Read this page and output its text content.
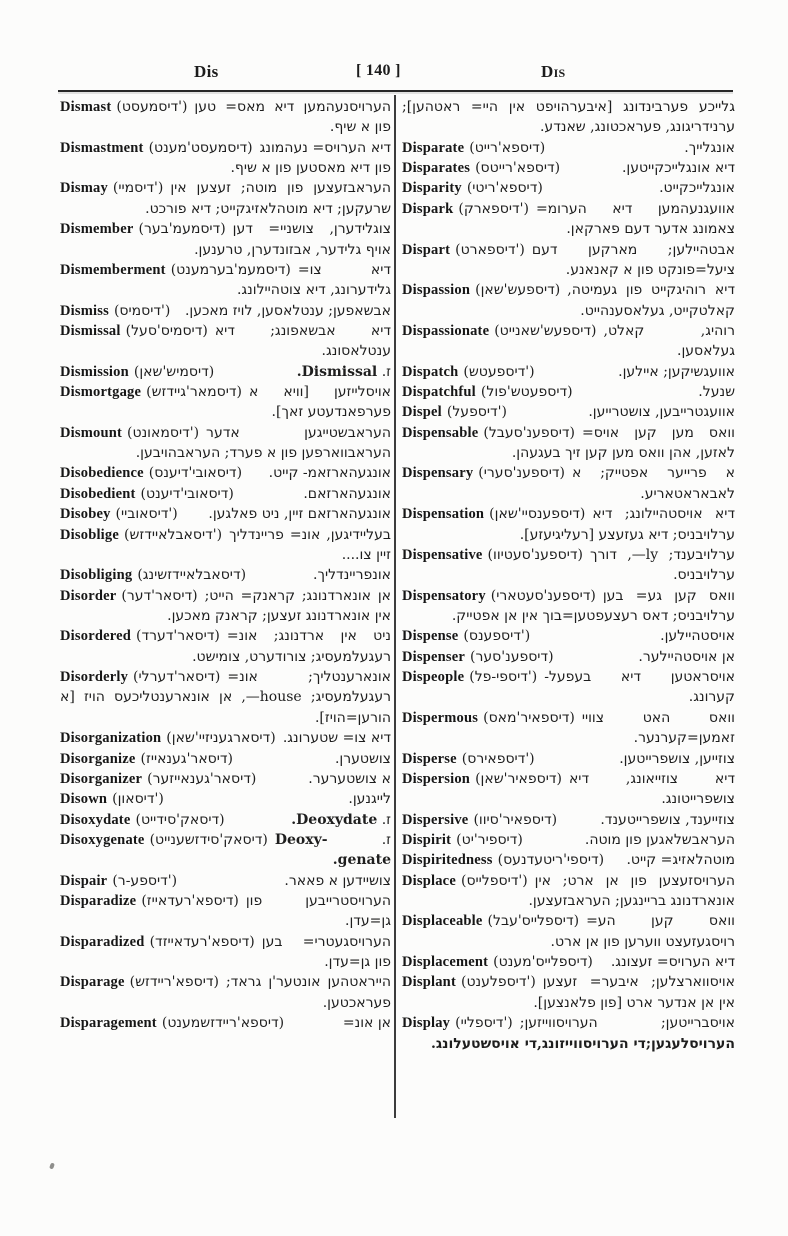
Dis	[ 140 ]	Dis
Dismast (דיסמעסט') הערויסנעהמען דיא מאס= טען פון א שיף.
Dismastment (דיסמעסט'מענט) דיא הערויס= נעהמונג פון דיא מאסטען פון א שיף.
Dismay (דיסמיי') העראבזעצען פון מוטה; זעצען אין שרעקען; דיא מוטהלאזיגקייט; דיא פורכט.
Dismember (דיסמעמ'בער) צוגלידערן, צושניי= דען אויף גלידער, אבזונדערן, טרענען.
Dismemberment (דיסמעמ'בערמענט) דיא צו= גלידערונג, דיא צוטהיילונג.
Dismiss (דיסמיס') אבשאפען; ענטלאסען, לויז מאכען.
Dismissal (דיסמיס'סעל) דיא אבשאפונג; דיא ענטלאסונג.
Dismission (דיסמיש'שאן)	ז. Dismissal.
Dismortgage (דיסמאר'גיידזש) אויסלייזען [וויא א פערפאנדעטע זאך].
Dismount (דיסמאונט') העראבשטייגען אדער העראבווארפען פון א פערד; העראבהויבען.
Disobedience (דיסאובי'דיענס) אונגעהארזאמ- קייט.
Disobedient (דיסאובי'דיענט)	אונגעהארזאם.
Disobey (דיסאוביי') אונגעהארזאם זיין, ניט פאלגען.
Disoblige (דיסאבלאיידזש') בעליידיגען, אונ= פריינדליך זיין צו....
Disobliging (דיסאבלאיידזשינג)	אונפריינדליך.
Disorder (דיסאר'דער) אן אונארדנונג; קראנק= הייט; אין אונארדנונג זעצען; קראנק מאכען.
Disordered (דיסאר'דערד) ניט אין ארדנונג; אונ= רעגעלמעסיג; צורודערט, צומישט.
Disorderly (דיסאר'דערלי) אונארענטליך; אונ= רעגעלמעסיג; house—, אן אונארענטליכעס הויז [א הורען=הויז].
Disorganization (דיסארגעניזיי'שאן) דיא צו= שטערונג.
Disorganize (דיסאר'גענאייז)	צושטערן.
Disorganizer (דיסאר'גענאייזער)	א צושטערער.
Disown (דיסאון')	לייגנען.
Disoxydate (דיסאק'סידייט)	ז. Deoxydate.
Disoxygenate (דיסאק'סידזשענייט)	ז. Deoxy-genate.
Dispair (דיספע-ר')	צושיידען א פאאר.
Disparadize (דיספא'רעדאייז) הערויסטרייבען פון גן=עדן.
Disparadized (דיספא'רעדאייזד) הערויסגעטרי= בען פון גן=עדן.
Disparage (דיספא'ריידזש) הייראטהען אונטער'ן גראד; פעראכטען.
Disparagement (דיספא'ריידזשמענט)	אן אונ=
גלייכע פערבינדונג [איבערהויפט אין היי= ראטהען]; ערנידריגונג, פעראכטונג, שאנדע.
Disparate (דיספא'רייט)	אונגלייך.
Disparates (דיספא'רייטס)	דיא אונגלייכקייטען.
Disparity (דיספא'ריטי)	אונגלייכקייט.
Dispark (דיספארק') אוועגנעהמען דיא הערומ= צאמונג אדער דעם פארקאן.
Dispart (דיספארט') אבטהיילען; מארקען דעם ציעל=פונקט פון א קאנאנע.
Dispassion (דיספעש'שאן) דיא רוהיגקייט פון געמיטה, קאלטקייט, געלאסענהייט.
Dispassionate (דיספעש'שאנייט) רוהיג, קאלט, געלאסען.
Dispatch (דיספעטש')	אוועגשיקען; איילען.
Dispatchful (דיספעטש'פול)	שנעל.
Dispel (דיספעל')	אוועגטרייבען, צושטרייען.
Dispensable (דיספענ'סעבל) וואס מען קען אויס= לאזען, אהן וואס מען קען זיך בעגעהן.
Dispensary (דיספענ'סערי) א פרייער אפטייק; א לאבאראטאריע.
Dispensation (דיספענסיי'שאן) דיא אויסטהיילונג; דיא ערלויבניס; דיא געזעצע [רעליגיעזע].
Dispensative (דיספענ'סעטיוו) ערלויבענד; ly—, דורך ערלויבניס.
Dispensatory (דיספענ'סעטארי) וואס קען גע= בען ערלויבניס; דאס רעצעפטען=בוך אין אן אפטייק.
Dispense (דיספענס')	אויסטהיילען.
Dispenser (דיספענ'סער)	אן אויסטהיילער.
Dispeople (דיספי-פל') אויסראטען דיא בעפעל- קערונג.
Dispermous (דיספאיר'מאס) וואס האט צוויי זאמען=קערנער.
Disperse (דיספאירס')	צוזייען, צושפרייטען.
Dispersion (דיספאיר'שאן) דיא צוזייאונג, דיא צושפרייטונג.
Dispersive (דיספאיר'סיוו)	צוזייענד, צושפרייטענד.
Dispirit (דיספיר'יט)	העראבשלאגען פון מוטה.
Dispiritedness (דיספי'ריטעדנעס) מוטהלאזיג= קייט.
Displace (דיספלייס') הערויסזעצען פון אן ארט; אין אונארדנונג בריינגען; העראבזעצען.
Displaceable (דיספלייס'עבל) וואס קען הע= רויסגעזעצט ווערען פון אן ארט.
Displacement (דיספלייס'מענט) דיא הערויס= זעצונג.
Displant (דיספלענט') אויסווארצלען; איבער= זעצען אין אן אנדער ארט [פון פלאנצען].
Display (דיספליי') אויסברייטען; הערויסווייזען; הערויסלעגען;די הערויסווייזונג,די אויסשטעלונג.
